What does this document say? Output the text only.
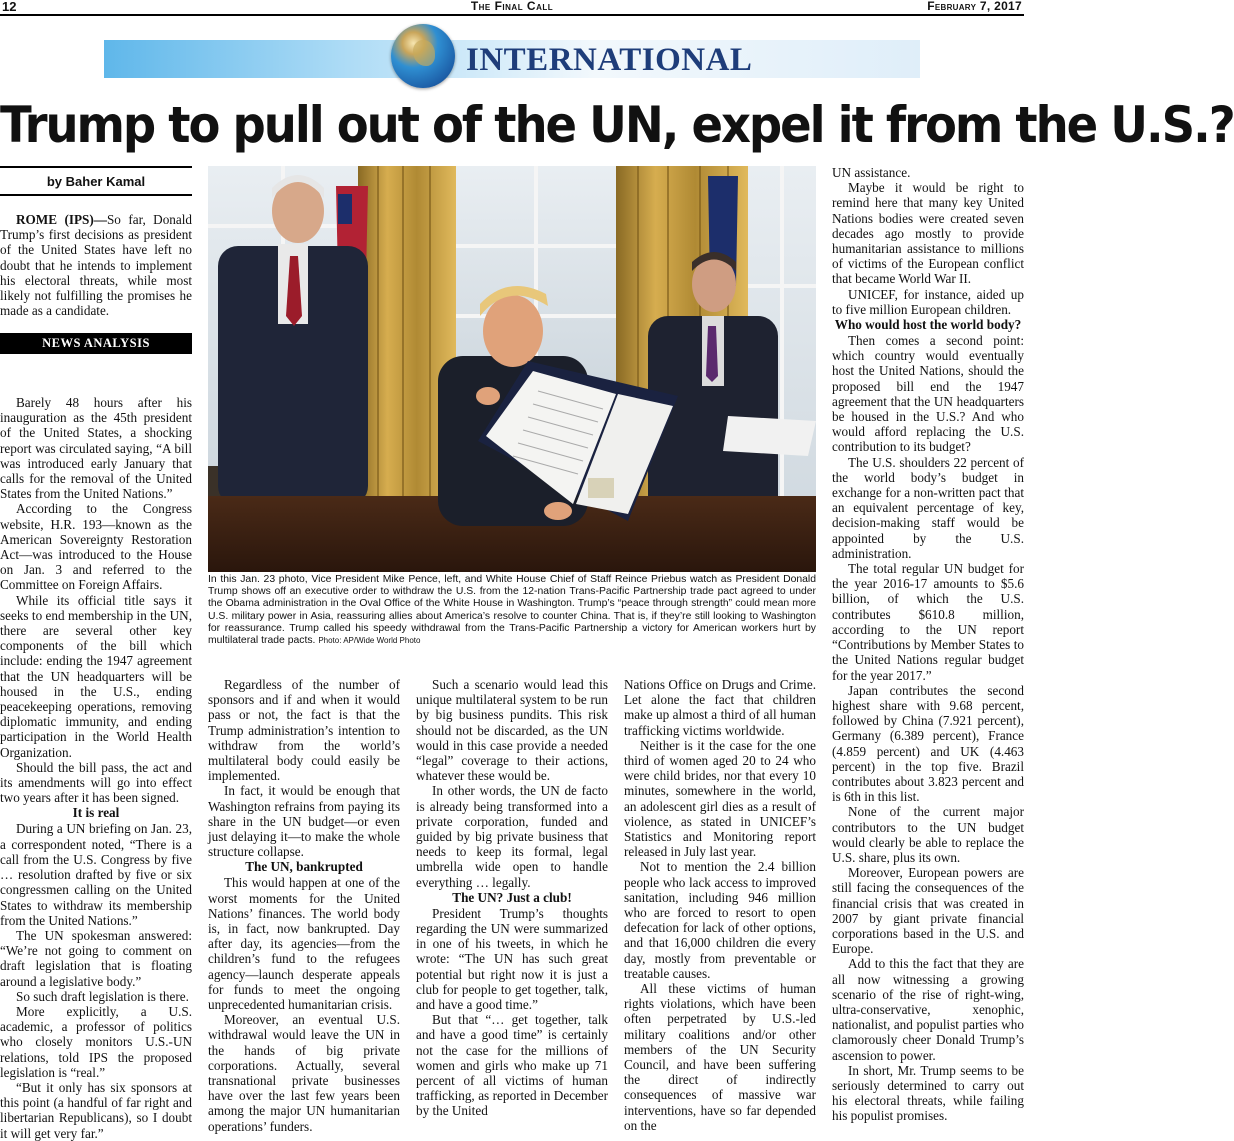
12	The Final Call	February 7, 2017
INTERNATIONAL
Trump to pull out of the UN, expel it from the U.S.?
by Baher Kamal

ROME (IPS)—So far, Donald Trump’s first decisions as president of the United States have left no doubt that he intends to implement his electoral threats, while most likely not fulfilling the promises he made as a candidate.

NEWS ANALYSIS

Barely 48 hours after his inauguration as the 45th president of the United States, a shocking report was circulated saying, “A bill was introduced early January that calls for the removal of the United States from the United Nations.”

According to the Congress website, H.R. 193—known as the American Sovereignty Restoration Act—was introduced to the House on Jan. 3 and referred to the Committee on Foreign Affairs.

While its official title says it seeks to end membership in the UN, there are several other key components of the bill which include: ending the 1947 agreement that the UN headquarters will be housed in the U.S., ending peacekeeping operations, removing diplomatic immunity, and ending participation in the World Health Organization.

Should the bill pass, the act and its amendments will go into effect two years after it has been signed.

It is real

During a UN briefing on Jan. 23, a correspondent noted, “There is a call from the U.S. Congress by five … resolution drafted by five or six congressmen calling on the United States to withdraw its membership from the United Nations.”

The UN spokesman answered: “We’re not going to comment on draft legislation that is floating around a legislative body.”

So such draft legislation is there.

More explicitly, a U.S. academic, a professor of politics who closely monitors U.S.-UN relations, told IPS the proposed legislation is “real.”

“But it only has six sponsors at this point (a handful of far right and libertarian Republicans), so I doubt it will get very far.”

In this Jan. 23 photo, Vice President Mike Pence, left, and White House Chief of Staff Reince Priebus watch as President Donald Trump shows off an executive order to withdraw the U.S. from the 12-nation Trans-Pacific Partnership trade pact agreed to under the Obama administration in the Oval Office of the White House in Washington. Trump’s “peace through strength” could mean more U.S. military power in Asia, reassuring allies about America’s resolve to counter China. That is, if they’re still looking to Washington for reassurance. Trump called his speedy withdrawal from the Trans-Pacific Partnership a victory for American workers hurt by multilateral trade pacts. Photo: AP/Wide World Photo

Regardless of the number of sponsors and if and when it would pass or not, the fact is that the Trump administration’s intention to withdraw from the world’s multilateral body could easily be implemented.

In fact, it would be enough that Washington refrains from paying its share in the UN budget—or even just delaying it—to make the whole structure collapse.

The UN, bankrupted

This would happen at one of the worst moments for the United Nations’ finances. The world body is, in fact, now bankrupted. Day after day, its agencies—from the children’s fund to the refugees agency—launch desperate appeals for funds to meet the ongoing unprecedented humanitarian crisis.

Moreover, an eventual U.S. withdrawal would leave the UN in the hands of big private corporations. Actually, several transnational private businesses have over the last few years been among the major UN humanitarian operations’ funders.

Such a scenario would lead this unique multilateral system to be run by big business pundits. This risk should not be discarded, as the UN would in this case provide a needed “legal” coverage to their actions, whatever these would be.

In other words, the UN de facto is already being transformed into a private corporation, funded and guided by big private business that needs to keep its formal, legal umbrella wide open to handle everything … legally.

The UN? Just a club!

President Trump’s thoughts regarding the UN were summarized in one of his tweets, in which he wrote: “The UN has such great potential but right now it is just a club for people to get together, talk, and have a good time.”

But that “… get together, talk and have a good time” is certainly not the case for the millions of women and girls who make up 71 percent of all victims of human trafficking, as reported in December by the United

Nations Office on Drugs and Crime. Let alone the fact that children make up almost a third of all human trafficking victims worldwide.

Neither is it the case for the one third of women aged 20 to 24 who were child brides, nor that every 10 minutes, somewhere in the world, an adolescent girl dies as a result of violence, as stated in UNICEF’s Statistics and Monitoring report released in July last year.

Not to mention the 2.4 billion people who lack access to improved sanitation, including 946 million who are forced to resort to open defecation for lack of other options, and that 16,000 children die every day, mostly from preventable or treatable causes.

All these victims of human rights violations, which have been often perpetrated by U.S.-led military coalitions and/or other members of the UN Security Council, and have been suffering the direct of indirectly consequences of massive war interventions, have so far depended on the

UN assistance.

Maybe it would be right to remind here that many key United Nations bodies were created seven decades ago mostly to provide humanitarian assistance to millions of victims of the European conflict that became World War II.

UNICEF, for instance, aided up to five million European children.

Who would host the world body?

Then comes a second point: which country would eventually host the United Nations, should the proposed bill end the 1947 agreement that the UN headquarters be housed in the U.S.? And who would afford replacing the U.S. contribution to its budget?

The U.S. shoulders 22 percent of the world body’s budget in exchange for a non-written pact that an equivalent percentage of key, decision-making staff would be appointed by the U.S. administration.

The total regular UN budget for the year 2016-17 amounts to $5.6 billion, of which the U.S. contributes $610.8 million, according to the UN report “Contributions by Member States to the United Nations regular budget for the year 2017.”

Japan contributes the second highest share with 9.68 percent, followed by China (7.921 percent), Germany (6.389 percent), France (4.859 percent) and UK (4.463 percent) in the top five. Brazil contributes about 3.823 percent and is 6th in this list.

None of the current major contributors to the UN budget would clearly be able to replace the U.S. share, plus its own.

Moreover, European powers are still facing the consequences of the financial crisis that was created in 2007 by giant private financial corporations based in the U.S. and Europe.

Add to this the fact that they are all now witnessing a growing scenario of the rise of right-wing, ultra-conservative, xenophic, nationalist, and populist parties who clamorously cheer Donald Trump’s ascension to power.

In short, Mr. Trump seems to be seriously determined to carry out his electoral threats, while failing his populist promises.
